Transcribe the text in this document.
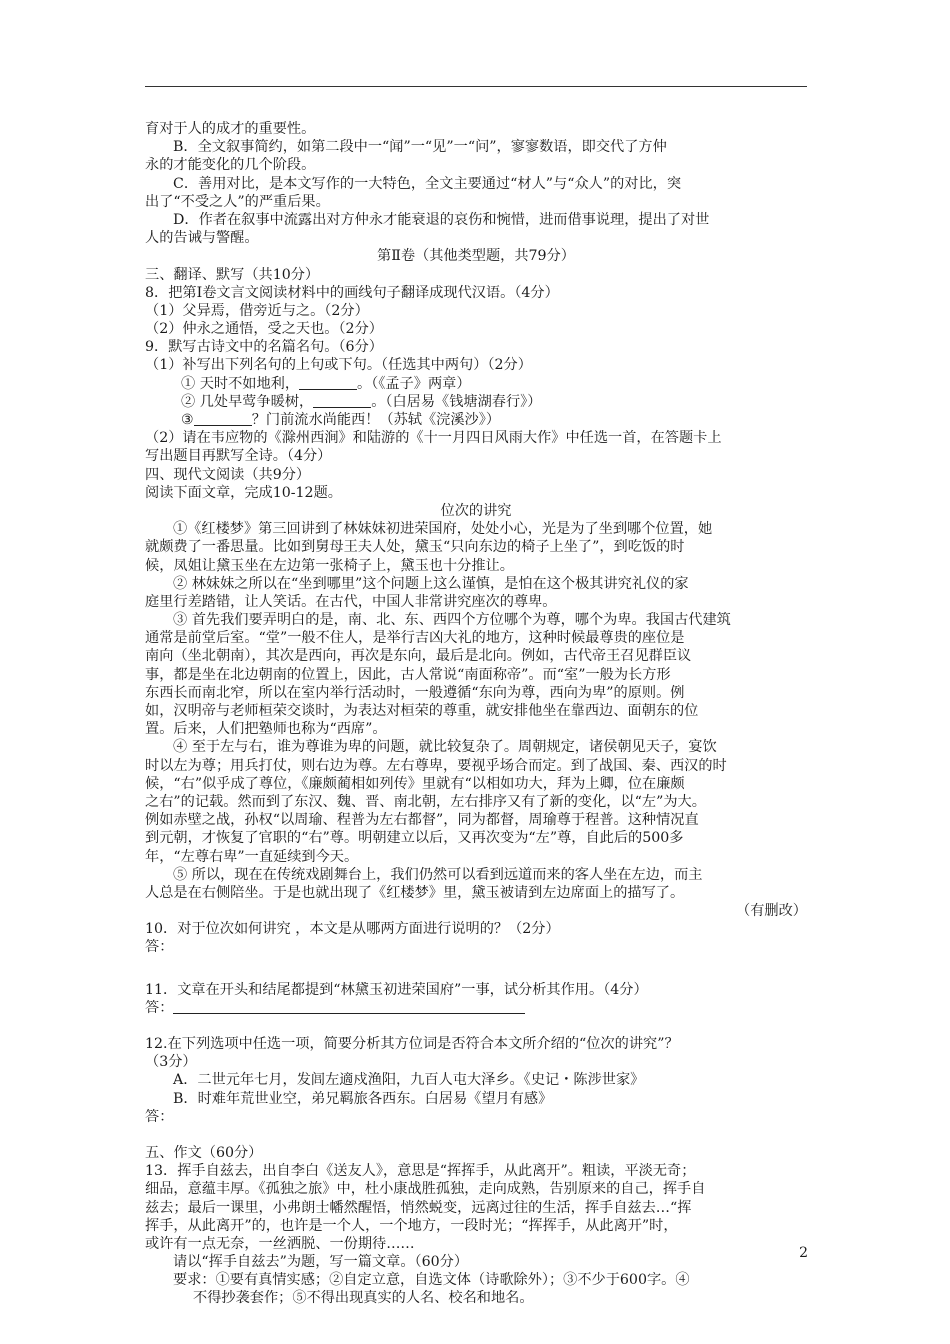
育对于人的成才的重要性。
B．全文叙事简约，如第二段中一“闻”一“见”一“问”，寥寥数语，即交代了方仲
永的才能变化的几个阶段。
C．善用对比，是本文写作的一大特色，全文主要通过“材人”与“众人”的对比，突
出了“不受之人”的严重后果。
D．作者在叙事中流露出对方仲永才能衰退的哀伤和惋惜，进而借事说理，提出了对世
人的告诫与警醒。
第Ⅱ卷（其他类型题，共79分）
三、翻译、默写（共10分）
8．把第Ⅰ卷文言文阅读材料中的画线句子翻译成现代汉语。（4分）
（1）父异焉，借旁近与之。（2分）
（2）仲永之通悟，受之天也。（2分）
9．默写古诗文中的名篇名句。（6分）
（1）补写出下列名句的上句或下句。（任选其中两句）（2分）
① 天时不如地利，	。（《孟子》两章）
② 几处早莺争暖树，	。（白居易《钱塘湖春行》）
③	？门前流水尚能西！（苏轼《浣溪沙》）
（2）请在韦应物的《滁州西涧》和陆游的《十一月四日风雨大作》中任选一首，在答题卡上
写出题目再默写全诗。（4分）
四、现代文阅读（共9分）
阅读下面文章，完成10-12题。
位次的讲究
①《红楼梦》第三回讲到了林妹妹初进荣国府，处处小心，光是为了坐到哪个位置，她
就颇费了一番思量。比如到舅母王夫人处，黛玉“只向东边的椅子上坐了”，到吃饭的时
候，凤姐让黛玉坐在左边第一张椅子上，黛玉也十分推让。
② 林妹妹之所以在“坐到哪里”这个问题上这么谨慎，是怕在这个极其讲究礼仪的家
庭里行差踏错，让人笑话。在古代，中国人非常讲究座次的尊卑。
③ 首先我们要弄明白的是，南、北、东、西四个方位哪个为尊，哪个为卑。我国古代建筑
通常是前堂后室。“堂”一般不住人，是举行吉凶大礼的地方，这种时候最尊贵的座位是
南向（坐北朝南），其次是西向，再次是东向，最后是北向。例如，古代帝王召见群臣议
事，都是坐在北边朝南的位置上，因此，古人常说“南面称帝”。而“室”一般为长方形
东西长而南北窄，所以在室内举行活动时，一般遵循“东向为尊，西向为卑”的原则。例
如，汉明帝与老师桓荣交谈时，为表达对桓荣的尊重，就安排他坐在靠西边、面朝东的位
置。后来，人们把塾师也称为“西席”。
④ 至于左与右，谁为尊谁为卑的问题，就比较复杂了。周朝规定，诸侯朝见天子，宴饮
时以左为尊；用兵打仗，则右边为尊。左右尊卑，要视乎场合而定。到了战国、秦、西汉的时
候，“右”似乎成了尊位，《廉颇蔺相如列传》里就有“以相如功大，拜为上卿，位在廉颇
之右”的记载。然而到了东汉、魏、晋、南北朝，左右排序又有了新的变化，以“左”为大。
例如赤壁之战，孙权“以周瑜、程普为左右都督”，同为都督，周瑜尊于程普。这种情况直
到元朝，才恢复了官职的“右”尊。明朝建立以后，又再次变为“左”尊，自此后的500多
年，“左尊右卑”一直延续到今天。
⑤ 所以，现在在传统戏剧舞台上，我们仍然可以看到远道而来的客人坐在左边，而主
人总是在右侧陪坐。于是也就出现了《红楼梦》里，黛玉被请到左边席面上的描写了。
（有删改）
10．对于位次如何讲究 ，本文是从哪两方面进行说明的？（2分）
答：
11．文章在开头和结尾都提到“林黛玉初进荣国府”一事，试分析其作用。（4分）
答：
12.在下列选项中任选一项，简要分析其方位词是否符合本文所介绍的“位次的讲究”？
（3分）
A．二世元年七月，发闾左適戍渔阳，九百人屯大泽乡。《史记・陈涉世家》
B．时难年荒世业空，弟兄羁旅各西东。白居易《望月有感》
答：
五、作文（60分）
13．挥手自兹去，出自李白《送友人》，意思是“挥挥手，从此离开”。粗读，平淡无奇；
细品，意蕴丰厚。《孤独之旅》中，杜小康战胜孤独，走向成熟，告别原来的自己，挥手自
兹去；最后一课里，小弗朗士幡然醒悟，悄然蜕变，远离过往的生活，挥手自兹去…“挥
挥手，从此离开”的，也许是一个人，一个地方，一段时光；“挥挥手，从此离开”时，
或许有一点无奈，一丝洒脱、一份期待……
请以“挥手自兹去”为题，写一篇文章。（60分）
要求：①要有真情实感；②自定立意，自选文体（诗歌除外）；③不少于600字。④
不得抄袭套作；⑤不得出现真实的人名、校名和地名。
2
